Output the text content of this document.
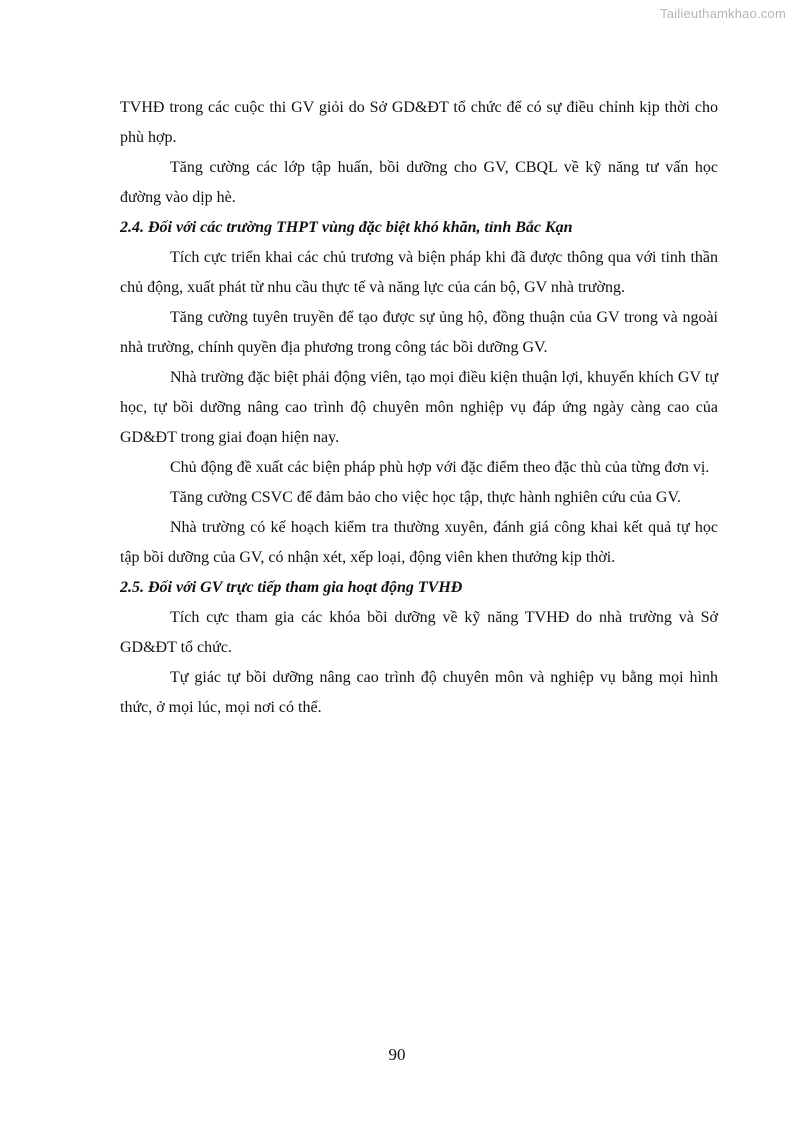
Tailieuthamkhao.com

TVHĐ trong các cuộc thi GV giỏi do Sở GD&ĐT tổ chức để có sự điều chỉnh kịp thời cho phù hợp.

Tăng cường các lớp tập huấn, bồi dưỡng cho GV, CBQL về kỹ năng tư vấn học đường vào dịp hè.

2.4. Đối với các trường THPT vùng đặc biệt khó khăn, tỉnh Bắc Kạn

Tích cực triển khai các chủ trương và biện pháp khi đã được thông qua với tinh thần chủ động, xuất phát từ nhu cầu thực tế và năng lực của cán bộ, GV nhà trường.

Tăng cường tuyên truyền để tạo được sự ủng hộ, đồng thuận của GV trong và ngoài nhà trường, chính quyền địa phương trong công tác bồi dưỡng GV.

Nhà trường đặc biệt phải động viên, tạo mọi điều kiện thuận lợi, khuyến khích GV tự học, tự bồi dưỡng nâng cao trình độ chuyên môn nghiệp vụ đáp ứng ngày càng cao của GD&ĐT trong giai đoạn hiện nay.

Chủ động đề xuất các biện pháp phù hợp với đặc điểm theo đặc thù của từng đơn vị.

Tăng cường CSVC để đảm bảo cho việc học tập, thực hành nghiên cứu của GV.

Nhà trường có kế hoạch kiểm tra thường xuyên, đánh giá công khai kết quả tự học tập bồi dưỡng của GV, có nhận xét, xếp loại, động viên khen thưởng kịp thời.

2.5. Đối với GV trực tiếp tham gia hoạt động TVHĐ

Tích cực tham gia các khóa bồi dưỡng về kỹ năng TVHĐ do nhà trường và Sở GD&ĐT tổ chức.

Tự giác tự bồi dưỡng nâng cao trình độ chuyên môn và nghiệp vụ bằng mọi hình thức, ở mọi lúc, mọi nơi có thể.

90
